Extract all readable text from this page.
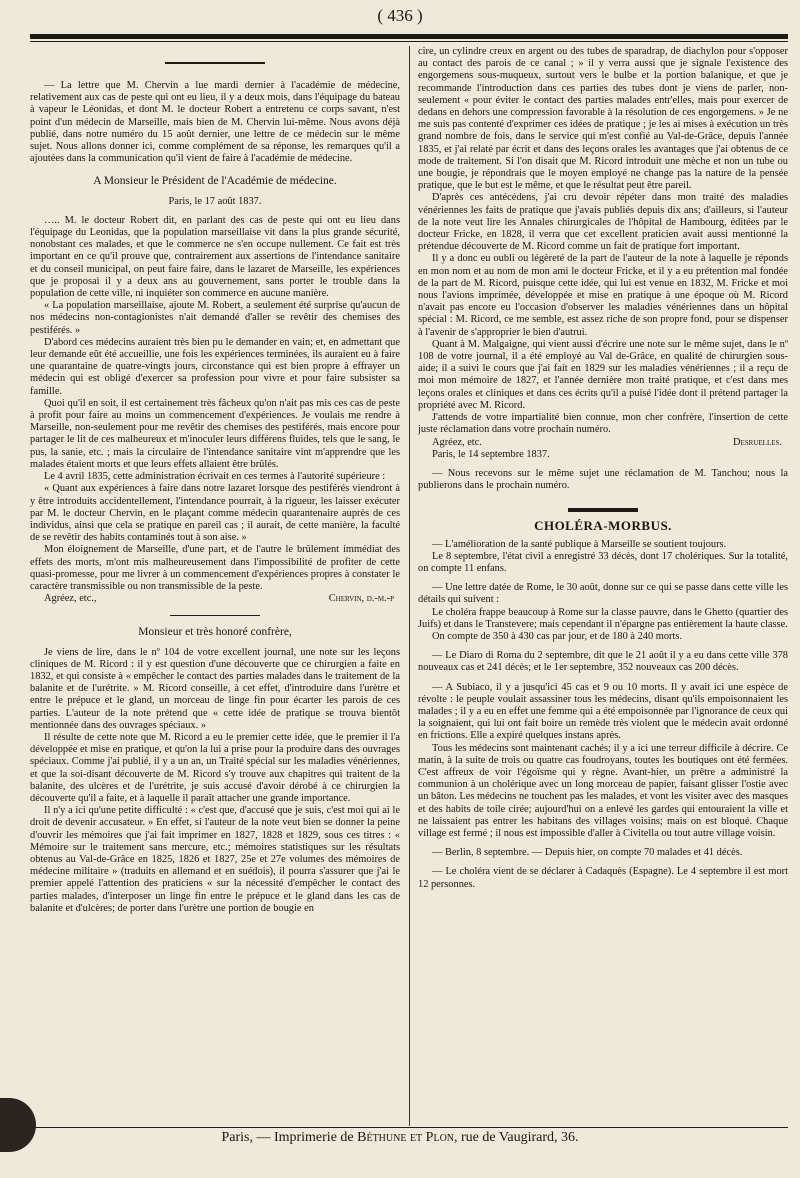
( 436 )

— La lettre que M. Chervin a lue mardi dernier à l'académie de médecine, relativement aux cas de peste qui ont eu lieu, il y a deux mois, dans l'équipage du bateau à vapeur le Léonidas, et dont M. le docteur Robert a entretenu ce corps savant, n'est point d'un médecin de Marseille, mais bien de M. Chervin lui-même. Nous avons déjà publié, dans notre numéro du 15 août dernier, une lettre de ce médecin sur le même sujet. Nous allons donner ici, comme complément de sa réponse, les remarques qu'il a ajoutées dans la communication qu'il vient de faire à l'académie de médecine.

A Monsieur le Président de l'Académie de médecine.

Paris, le 17 août 1837.

….. M. le docteur Robert dit, en parlant des cas de peste qui ont eu lieu dans l'équipage du Leonidas, que la population marseillaise vit dans la plus grande sécurité, nonobstant ces malades, et que le commerce ne s'en occupe nullement. Ce fait est très important en ce qu'il prouve que, contrairement aux assertions de l'intendance sanitaire et du conseil municipal, on peut faire faire, dans le lazaret de Marseille, les expériences que je proposai il y a deux ans au gouvernement, sans porter le trouble dans la population de cette ville, ni inquiéter son commerce en aucune manière.

« La population marseillaise, ajoute M. Robert, a seulement été surprise qu'aucun de nos médecins non-contagionistes n'ait demandé d'aller se revêtir des chemises des pestiférés. »

D'abord ces médecins auraient très bien pu le demander en vain; et, en admettant que leur demande eût été accueillie, une fois les expériences terminées, ils auraient eu à faire une quarantaine de quatre-vingts jours, circonstance qui est bien propre à effrayer un médecin qui est obligé d'exercer sa profession pour vivre et pour faire subsister sa famille.

Quoi qu'il en soit, il est certainement très fâcheux qu'on n'ait pas mis ces cas de peste à profit pour faire au moins un commencement d'expériences. Je voulais me rendre à Marseille, non-seulement pour me revêtir des chemises des pestiférés, mais encore pour partager le lit de ces malheureux et m'inoculer leurs différens fluides, tels que le sang, le pus, la sanie, etc. ; mais la circulaire de l'intendance sanitaire vint m'apprendre que les malades étaient morts et que leurs effets allaient être brûlés.

Le 4 avril 1835, cette administration écrivait en ces termes à l'autorité supérieure :

« Quant aux expériences à faire dans notre lazaret lorsque des pestiférés viendront à y être introduits accidentellement, l'intendance pourrait, à la rigueur, les laisser exécuter par M. le docteur Chervin, en le plaçant comme médecin quarantenaire auprès de ces individus, ainsi que cela se pratique en pareil cas ; il aurait, de cette manière, la faculté de se revêtir des habits contaminés tout à son aise. »

Mon éloignement de Marseille, d'une part, et de l'autre le brûlement immédiat des effets des morts, m'ont mis malheureusement dans l'impossibilité de profiter de cette quasi-promesse, pour me livrer à un commencement d'expériences propres à constater le caractère transmissible ou non transmissible de la peste.

Agréez, etc.,	Chervin, d.-m.-p

Monsieur et très honoré confrère,

Je viens de lire, dans le nº 104 de votre excellent journal, une note sur les leçons cliniques de M. Ricord : il y est question d'une découverte que ce chirurgien a faite en 1832, et qui consiste à « empêcher le contact des parties malades dans le traitement de la balanite et de l'urétrite. » M. Ricord conseille, à cet effet, d'introduire dans l'urètre et entre le prépuce et le gland, un morceau de linge fin pour écarter les parois de ces parties. L'auteur de la note prétend que « cette idée de pratique se trouva bientôt mentionnée dans des ouvrages spéciaux. »

Il résulte de cette note que M. Ricord a eu le premier cette idée, que le premier il l'a développée et mise en pratique, et qu'on la lui a prise pour la produire dans des ouvrages spéciaux. Comme j'ai publié, il y a un an, un Traité spécial sur les maladies vénériennes, et que la soi-disant découverte de M. Ricord s'y trouve aux chapitres qui traitent de la balanite, des ulcères et de l'urétrite, je suis accusé d'avoir dérobé à ce chirurgien la découverte qu'il a faite, et à laquelle il paraît attacher une grande importance.

Il n'y a ici qu'une petite difficulté : « c'est que, d'accusé que je suis, c'est moi qui ai le droit de devenir accusateur. » En effet, si l'auteur de la note veut bien se donner la peine d'ouvrir les mémoires que j'ai fait imprimer en 1827, 1828 et 1829, sous ces titres : « Mémoire sur le traitement sans mercure, etc.; mémoires statistiques sur les résultats obtenus au Val-de-Grâce en 1825, 1826 et 1827, 25e et 27e volumes des mémoires de médecine militaire » (traduits en allemand et en suédois), il pourra s'assurer que j'ai le premier appelé l'attention des praticiens « sur la nécessité d'empêcher le contact des parties malades, d'interposer un linge fin entre le prépuce et le gland dans les cas de balanite et d'ulcères; de porter dans l'urètre une portion de bougie en

cire, un cylindre creux en argent ou des tubes de sparadrap, de diachylon pour s'opposer au contact des parois de ce canal ; » il y verra aussi que je signale l'existence des engorgemens sous-muqueux, surtout vers le bulbe et la portion balanique, et que je recommande l'introduction dans ces parties des tubes dont je viens de parler, non-seulement « pour éviter le contact des parties malades entr'elles, mais pour exercer de dedans en dehors une compression favorable à la résolution de ces engorgemens. » Je ne me suis pas contenté d'exprimer ces idées de pratique ; je les ai mises à exécution un très grand nombre de fois, dans le service qui m'est confié au Val-de-Grâce, depuis l'année 1835, et j'ai relaté par écrit et dans des leçons orales les avantages que j'ai obtenus de ce mode de traitement. Si l'on disait que M. Ricord introduit une mèche et non un tube ou une bougie, je répondrais que le moyen employé ne change pas la nature de la pensée pratique, que le but est le même, et que le résultat peut être pareil.

D'après ces antécédens, j'ai cru devoir répéter dans mon traité des maladies vénériennes les faits de pratique que j'avais publiés depuis dix ans; d'ailleurs, si l'auteur de la note veut lire les Annales chirurgicales de l'hôpital de Hambourg, éditées par le docteur Fricke, en 1828, il verra que cet excellent praticien avait aussi mentionné la prétendue découverte de M. Ricord comme un fait de pratique fort important.

Il y a donc eu oubli ou légèreté de la part de l'auteur de la note à laquelle je réponds en mon nom et au nom de mon ami le docteur Fricke, et il y a eu prétention mal fondée de la part de M. Ricord, puisque cette idée, qui lui est venue en 1832, M. Fricke et moi nous l'avions imprimée, développée et mise en pratique à une époque où M. Ricord n'avait pas encore eu l'occasion d'observer les maladies vénériennes dans un hôpital spécial : M. Ricord, ce me semble, est assez riche de son propre fond, pour se dispenser à l'avenir de s'approprier le bien d'autrui.

Quant à M. Malgaigne, qui vient aussi d'écrire une note sur le même sujet, dans le nº 108 de votre journal, il a été employé au Val de-Grâce, en qualité de chirurgien sous-aide; il a suivi le cours que j'ai fait en 1829 sur les maladies vénériennes ; il a reçu de moi mon mémoire de 1827, et l'année dernière mon traité pratique, et c'est dans mes leçons orales et cliniques et dans ces écrits qu'il a puisé l'idée dont il prétend partager la propriété avec M. Ricord.

J'attends de votre impartialité bien connue, mon cher confrère, l'insertion de cette juste réclamation dans votre prochain numéro.

Agréez, etc.	Desruelles.

Paris, le 14 septembre 1837.

— Nous recevons sur le même sujet une réclamation de M. Tanchou; nous la publierons dans le prochain numéro.

CHOLÉRA-MORBUS.

— L'amélioration de la santé publique à Marseille se soutient toujours.

Le 8 septembre, l'état civil a enregistré 33 décès, dont 17 cholériques. Sur la totalité, on compte 11 enfans.

— Une lettre datée de Rome, le 30 août, donne sur ce qui se passe dans cette ville les détails qui suivent :

Le choléra frappe beaucoup à Rome sur la classe pauvre, dans le Ghetto (quartier des Juifs) et dans le Transtevere; mais cependant il n'épargne pas entièrement la haute classe.

On compte de 350 à 430 cas par jour, et de 180 à 240 morts.

— Le Diaro di Roma du 2 septembre, dit que le 21 août il y a eu dans cette ville 378 nouveaux cas et 241 décès; et le 1er septembre, 352 nouveaux cas 200 décès.

— A Subiaco, il y a jusqu'ici 45 cas et 9 ou 10 morts. Il y avait ici une espèce de révolte : le peuple voulait assassiner tous les médecins, disant qu'ils empoisonnaient les malades ; il y a eu en effet une femme qui a été empoisonnée par l'ignorance de ceux qui la soignaient, qui lui ont fait boire un remède très violent que le médecin avait ordonné en frictions. Elle a expiré quelques instans après.

Tous les médecins sont maintenant cachés; il y a ici une terreur difficile à décrire. Ce matin, à la suite de trois ou quatre cas foudroyans, toutes les boutiques ont été fermées. C'est affreux de voir l'égoïsme qui y règne. Avant-hier, un prêtre a administré la communion à un cholérique avec un long morceau de papier, faisant glisser l'ostie avec un bâton. Les médecins ne touchent pas les malades, et vont les visiter avec des masques et des habits de toile cirée; aujourd'hui on a enlevé les gardes qui entouraient la ville et ne laissaient pas entrer les habitans des villages voisins; mais on est bloqué. Chaque village est fermé ; il nous est impossible d'aller à Civitella ou tout autre village voisin.

— Berlin, 8 septembre. — Depuis hier, on compte 70 malades et 41 décès.

— Le choléra vient de se déclarer à Cadaquès (Espagne). Le 4 septembre il est mort 12 personnes.

Paris, — Imprimerie de Béthune et Plon, rue de Vaugirard, 36.
